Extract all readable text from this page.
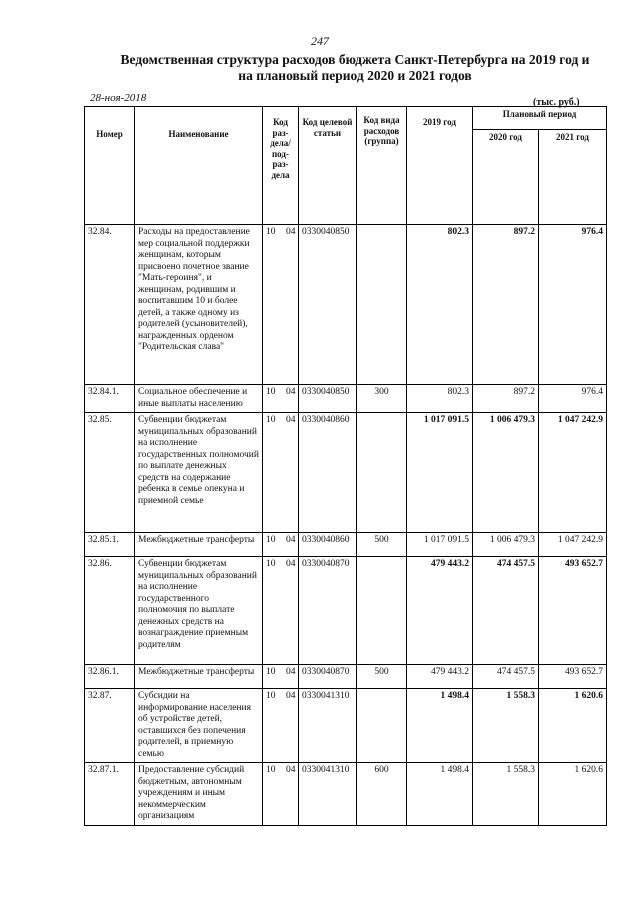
247
Ведомственная структура расходов бюджета Санкт-Петербурга на 2019 год и на плановый период 2020 и 2021 годов
28-ноя-2018	(тыс. руб.)
Номер	Наименование	Код раз-дела/ под-раз-дела	Код целевой статьи	Код вида расходов (группа)	2019 год	Плановый период	
						2020 год	2021 год
32.84.	Расходы на предоставление мер социальной поддержки женщинам, которым присвоено почетное звание "Мать-героиня", и женщинам, родившим и воспитавшим 10 и более детей, а также одному из родителей (усыновителей), награжденных орденом "Родительская слава"	10 04	0330040850		802.3	897.2	976.4
32.84.1.	Социальное обеспечение и иные выплаты населению	10 04	0330040850	300	802.3	897.2	976.4
32.85.	Субвенции бюджетам муниципальных образований на исполнение государственных полномочий по выплате денежных средств на содержание ребенка в семье опекуна и приемной семье	10 04	0330040860		1 017 091.5	1 006 479.3	1 047 242.9
32.85.1.	Межбюджетные трансферты	10 04	0330040860	500	1 017 091.5	1 006 479.3	1 047 242.9
32.86.	Субвенции бюджетам муниципальных образований на исполнение государственного полномочия по выплате денежных средств на вознаграждение приемным родителям	10 04	0330040870		479 443.2	474 457.5	493 652.7
32.86.1.	Межбюджетные трансферты	10 04	0330040870	500	479 443.2	474 457.5	493 652.7
32.87.	Субсидии на информирование населения об устройстве детей, оставшихся без попечения родителей, в приемную семью	10 04	0330041310		1 498.4	1 558.3	1 620.6
32.87.1.	Предоставление субсидий бюджетным, автономным учреждениям и иным некоммерческим организациям	10 04	0330041310	600	1 498.4	1 558.3	1 620.6
